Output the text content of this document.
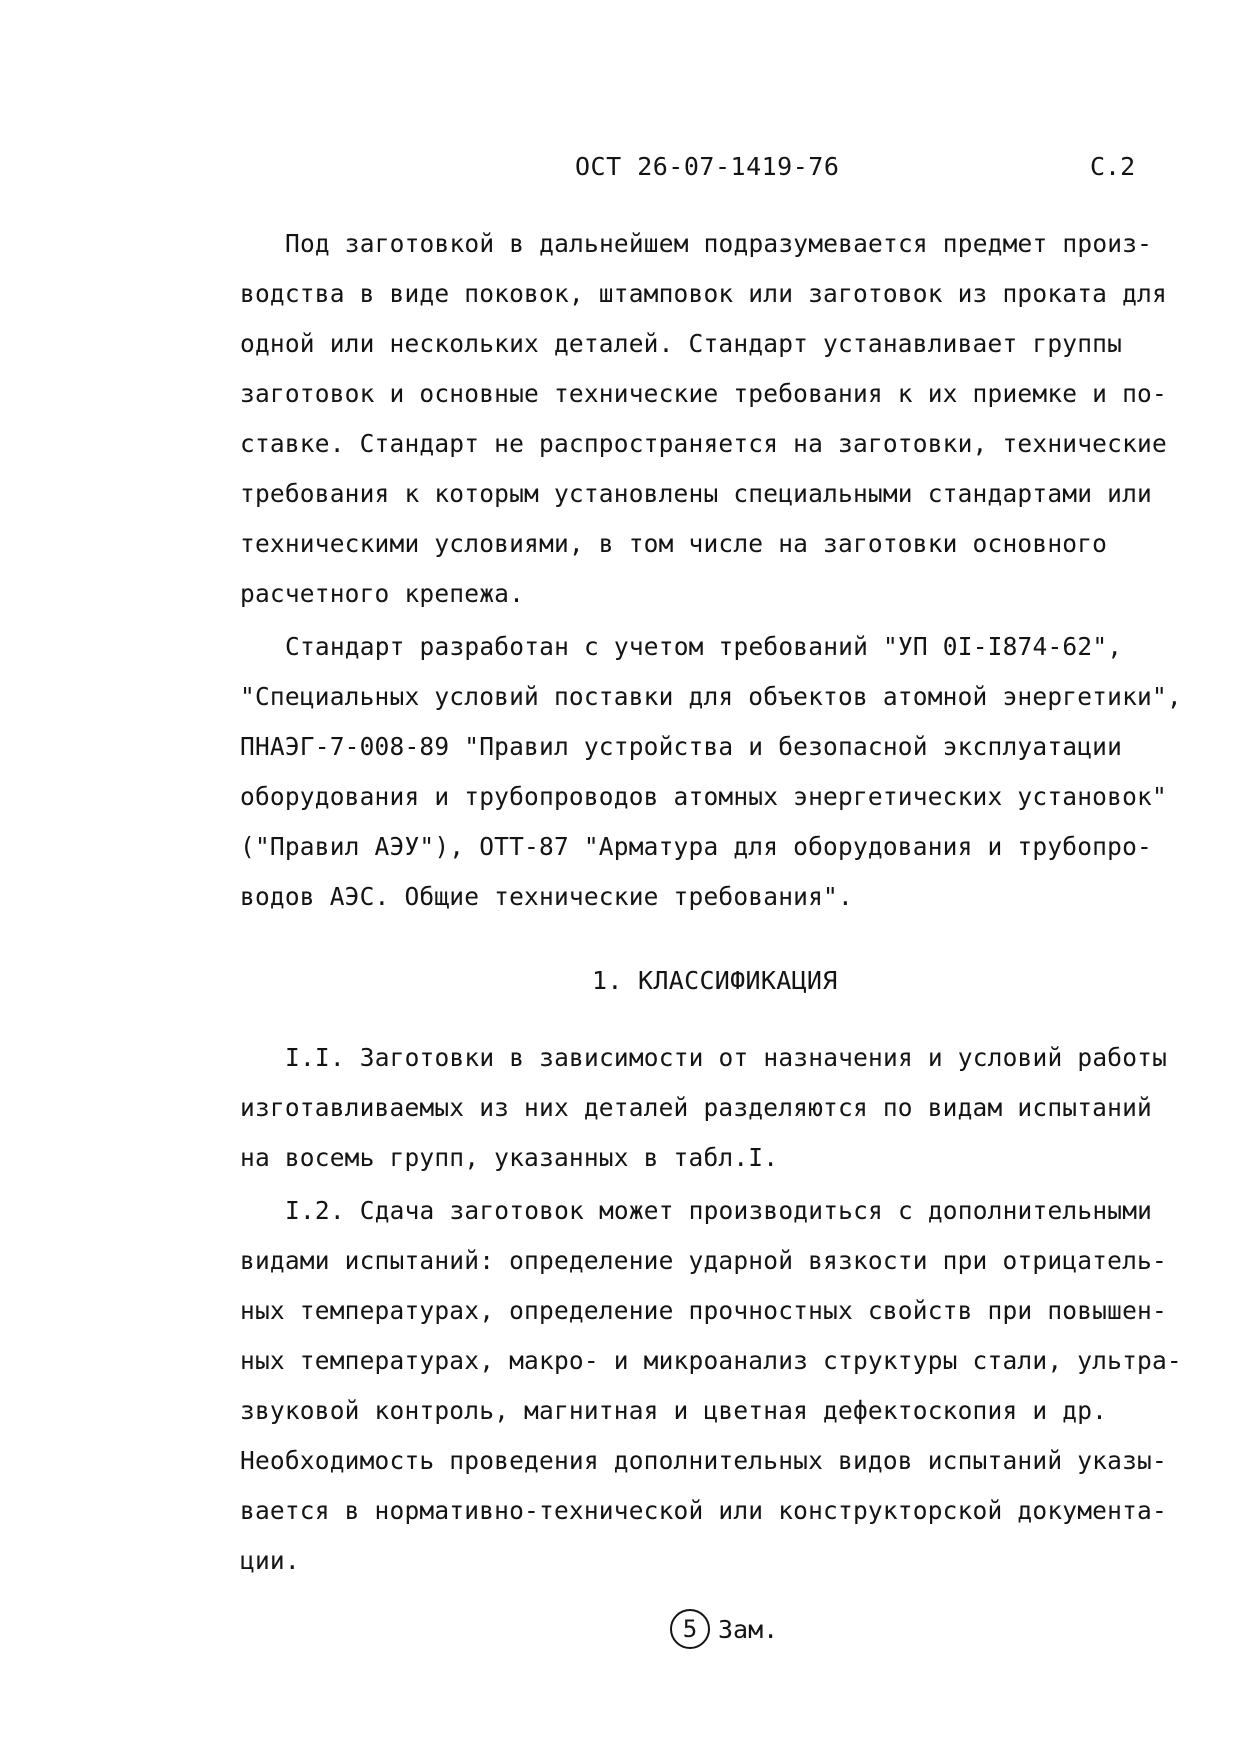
ОСТ 26-07-1419-76	С.2
Под заготовкой в дальнейшем подразумевается предмет произ-
водства в виде поковок, штамповок или заготовок из проката для
одной или нескольких деталей. Стандарт устанавливает группы
заготовок и основные технические требования к их приемке и по-
ставке. Стандарт не распространяется на заготовки, технические
требования к которым установлены специальными стандартами или
техническими условиями, в том числе на заготовки основного
расчетного крепежа.
Стандарт разработан с учетом требований "УП 0I-I874-62",
"Специальных условий поставки для объектов атомной энергетики",
ПНАЭГ-7-008-89 "Правил устройства и безопасной эксплуатации
оборудования и трубопроводов атомных энергетических установок"
("Правил АЭУ"), ОТТ-87 "Арматура для оборудования и трубопро-
водов АЭС. Общие технические требования".
1. КЛАССИФИКАЦИЯ
I.I. Заготовки в зависимости от назначения и условий работы
изготавливаемых из них деталей разделяются по видам испытаний
на восемь групп, указанных в табл.I.
I.2. Сдача заготовок может производиться с дополнительными
видами испытаний: определение ударной вязкости при отрицатель-
ных температурах, определение прочностных свойств при повышен-
ных температурах, макро- и микроанализ структуры стали, ультра-
звуковой контроль, магнитная и цветная дефектоскопия и др.
Необходимость проведения дополнительных видов испытаний указы-
вается в нормативно-технической или конструкторской документа-
ции.
5 Зам.
